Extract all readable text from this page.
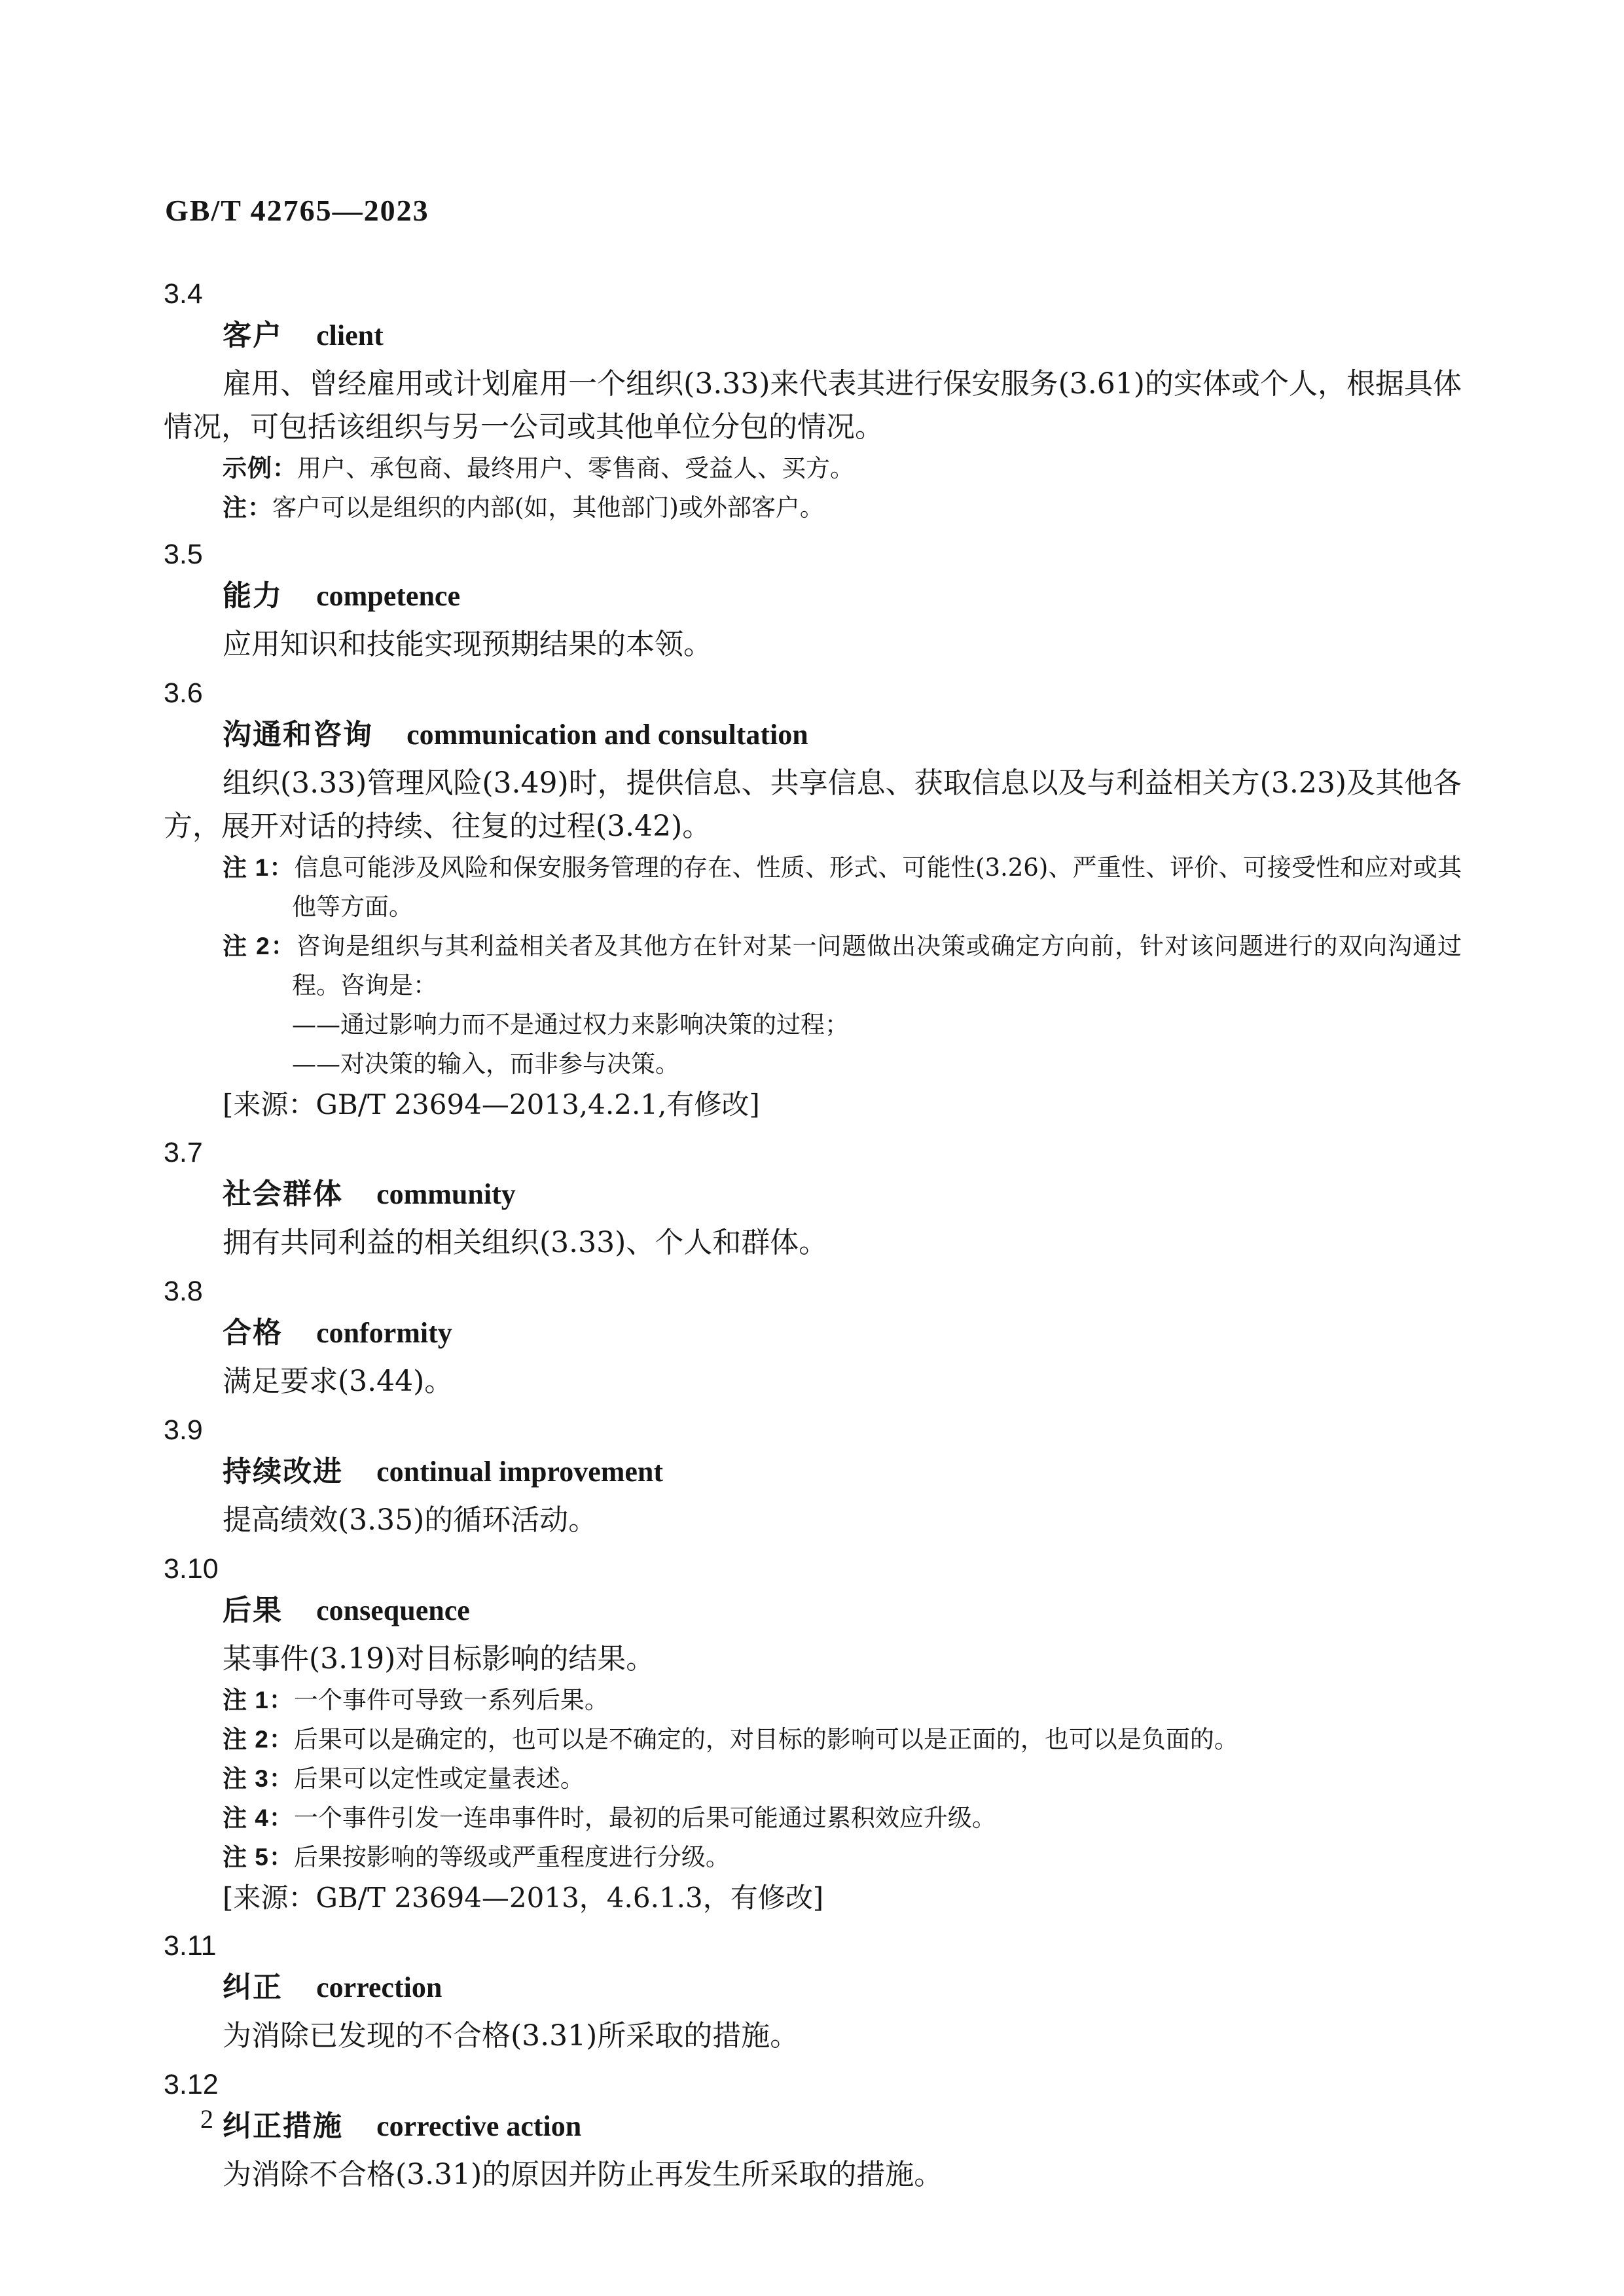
GB/T 42765—2023
3.4
客户 client

雇用、曾经雇用或计划雇用一个组织(3.33)来代表其进行保安服务(3.61)的实体或个人，根据具体情况，可包括该组织与另一公司或其他单位分包的情况。

示例：用户、承包商、最终用户、零售商、受益人、买方。
注：客户可以是组织的内部(如，其他部门)或外部客户。
3.5
能力 competence

应用知识和技能实现预期结果的本领。

3.6
沟通和咨询 communication and consultation

组织(3.33)管理风险(3.49)时，提供信息、共享信息、获取信息以及与利益相关方(3.23)及其他各方，展开对话的持续、往复的过程(3.42)。

注 1：信息可能涉及风险和保安服务管理的存在、性质、形式、可能性(3.26)、严重性、评价、可接受性和应对或其他等方面。
注 2：咨询是组织与其利益相关者及其他方在针对某一问题做出决策或确定方向前，针对该问题进行的双向沟通过程。咨询是：
——通过影响力而不是通过权力来影响决策的过程；
——对决策的输入，而非参与决策。
[来源：GB/T 23694—2013,4.2.1,有修改]
3.7
社会群体 community

拥有共同利益的相关组织(3.33)、个人和群体。

3.8
合格 conformity

满足要求(3.44)。

3.9
持续改进 continual improvement

提高绩效(3.35)的循环活动。

3.10
后果 consequence

某事件(3.19)对目标影响的结果。

注 1：一个事件可导致一系列后果。
注 2：后果可以是确定的，也可以是不确定的，对目标的影响可以是正面的，也可以是负面的。
注 3：后果可以定性或定量表述。
注 4：一个事件引发一连串事件时，最初的后果可能通过累积效应升级。
注 5：后果按影响的等级或严重程度进行分级。
[来源：GB/T 23694—2013，4.6.1.3，有修改]
3.11
纠正 correction

为消除已发现的不合格(3.31)所采取的措施。

3.12
纠正措施 corrective action

为消除不合格(3.31)的原因并防止再发生所采取的措施。

2
